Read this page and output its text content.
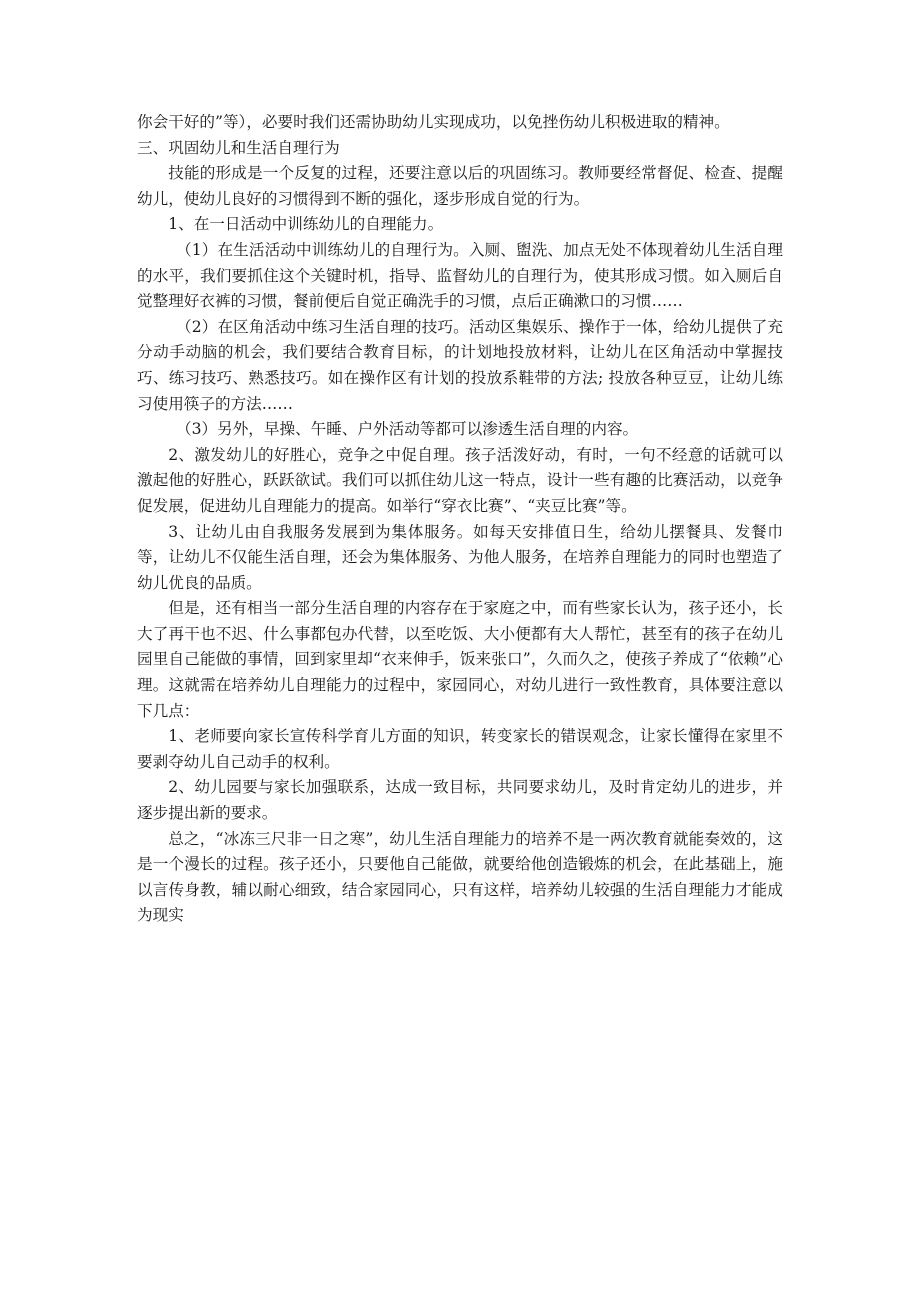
你会干好的”等），必要时我们还需协助幼儿实现成功，以免挫伤幼儿积极进取的精神。

三、巩固幼儿和生活自理行为

技能的形成是一个反复的过程，还要注意以后的巩固练习。教师要经常督促、检查、提醒幼儿，使幼儿良好的习惯得到不断的强化，逐步形成自觉的行为。

1、在一日活动中训练幼儿的自理能力。

（1）在生活活动中训练幼儿的自理行为。入厕、盥洗、加点无处不体现着幼儿生活自理的水平，我们要抓住这个关键时机，指导、监督幼儿的自理行为，使其形成习惯。如入厕后自觉整理好衣裤的习惯，餐前便后自觉正确洗手的习惯，点后正确漱口的习惯……

（2）在区角活动中练习生活自理的技巧。活动区集娱乐、操作于一体，给幼儿提供了充分动手动脑的机会，我们要结合教育目标，的计划地投放材料，让幼儿在区角活动中掌握技巧、练习技巧、熟悉技巧。如在操作区有计划的投放系鞋带的方法; 投放各种豆豆，让幼儿练习使用筷子的方法……

（3）另外，早操、午睡、户外活动等都可以渗透生活自理的内容。

2、激发幼儿的好胜心，竞争之中促自理。孩子活泼好动，有时，一句不经意的话就可以激起他的好胜心，跃跃欲试。我们可以抓住幼儿这一特点，设计一些有趣的比赛活动，以竞争促发展，促进幼儿自理能力的提高。如举行“穿衣比赛”、“夹豆比赛”等。

3、让幼儿由自我服务发展到为集体服务。如每天安排值日生，给幼儿摆餐具、发餐巾等，让幼儿不仅能生活自理，还会为集体服务、为他人服务，在培养自理能力的同时也塑造了幼儿优良的品质。

但是，还有相当一部分生活自理的内容存在于家庭之中，而有些家长认为，孩子还小，长大了再干也不迟、什么事都包办代替，以至吃饭、大小便都有大人帮忙，甚至有的孩子在幼儿园里自己能做的事情，回到家里却“衣来伸手，饭来张口”，久而久之，使孩子养成了“依赖”心理。这就需在培养幼儿自理能力的过程中，家园同心，对幼儿进行一致性教育，具体要注意以下几点：

1、老师要向家长宣传科学育儿方面的知识，转变家长的错误观念，让家长懂得在家里不要剥夺幼儿自己动手的权利。

2、幼儿园要与家长加强联系，达成一致目标，共同要求幼儿，及时肯定幼儿的进步，并逐步提出新的要求。

总之，“冰冻三尺非一日之寒”，幼儿生活自理能力的培养不是一两次教育就能奏效的，这是一个漫长的过程。孩子还小，只要他自己能做，就要给他创造锻炼的机会，在此基础上，施以言传身教，辅以耐心细致，结合家园同心，只有这样，培养幼儿较强的生活自理能力才能成为现实
